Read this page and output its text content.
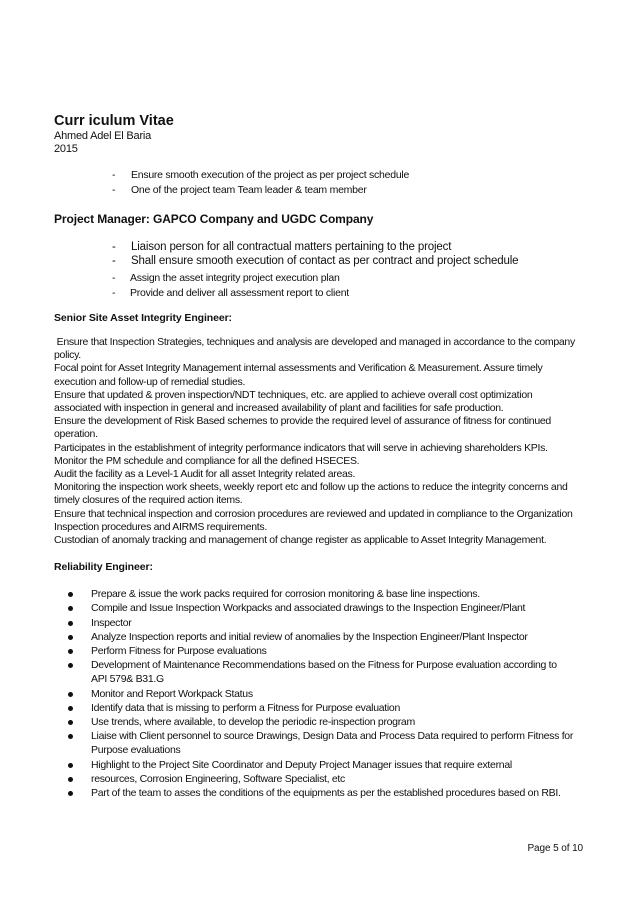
Curr iculum Vitae

Ahmed Adel El Baria

2015

- Ensure smooth execution of the project as per project schedule
- One of the project team Team leader & team member
Project Manager: GAPCO Company and UGDC Company
- Liaison person for all contractual matters pertaining to the project
- Shall ensure smooth execution of contact as per contract and project schedule
- Assign the asset integrity project execution plan
- Provide and deliver all assessment report to client
Senior Site Asset Integrity Engineer:

Ensure that Inspection Strategies, techniques and analysis are developed and managed in accordance to the company

policy.

Focal point for Asset Integrity Management internal assessments and Verification & Measurement. Assure timely

execution and follow-up of remedial studies.

Ensure that updated & proven inspection/NDT techniques, etc. are applied to achieve overall cost optimization

associated with inspection in general and increased availability of plant and facilities for safe production.

Ensure the development of Risk Based schemes to provide the required level of assurance of fitness for continued

operation.

Participates in the establishment of integrity performance indicators that will serve in achieving shareholders KPIs.

Monitor the PM schedule and compliance for all the defined HSECES.

Audit the facility as a Level-1 Audit for all asset Integrity related areas.

Monitoring the inspection work sheets, weekly report etc and follow up the actions to reduce the integrity concerns and

timely closures of the required action items.

Ensure that technical inspection and corrosion procedures are reviewed and updated in compliance to the Organization

Inspection procedures and AIRMS requirements.

Custodian of anomaly tracking and management of change register as applicable to Asset Integrity Management.

Reliability Engineer:
Prepare & issue the work packs required for corrosion monitoring & base line inspections.
Compile and Issue Inspection Workpacks and associated drawings to the Inspection Engineer/Plant
Inspector
Analyze Inspection reports and initial review of anomalies by the Inspection Engineer/Plant Inspector
Perform Fitness for Purpose evaluations
Development of Maintenance Recommendations based on the Fitness for Purpose evaluation according to API 579& B31.G
Monitor and Report Workpack Status
Identify data that is missing to perform a Fitness for Purpose evaluation
Use trends, where available, to develop the periodic re-inspection program
Liaise with Client personnel to source Drawings, Design Data and Process Data required to perform Fitness for Purpose evaluations
Highlight to the Project Site Coordinator and Deputy Project Manager issues that require external
resources, Corrosion Engineering, Software Specialist, etc
Part of the team to asses the conditions of the equipments as per the established procedures based on RBI.
Page 5 of 10
